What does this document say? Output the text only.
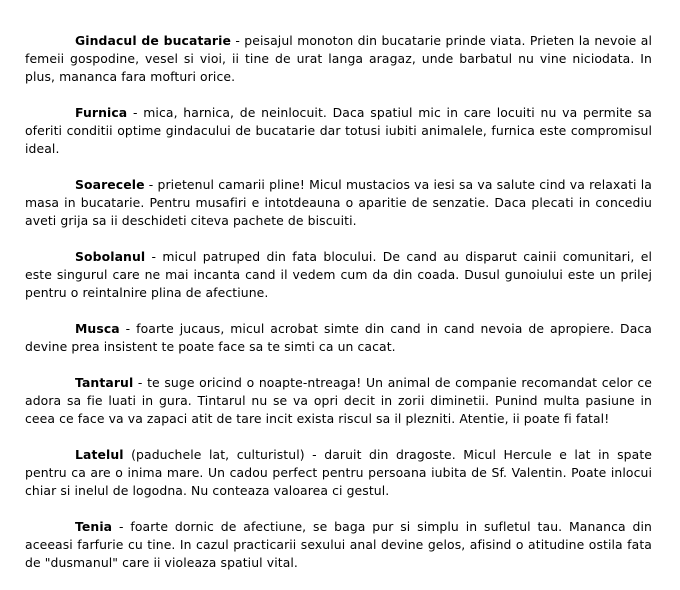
Gindacul de bucatarie - peisajul monoton din bucatarie prinde viata. Prieten la nevoie al femeii gospodine, vesel si vioi, ii tine de urat langa aragaz, unde barbatul nu vine niciodata. In plus, mananca fara mofturi orice.

Furnica - mica, harnica, de neinlocuit. Daca spatiul mic in care locuiti nu va permite sa oferiti conditii optime gindacului de bucatarie dar totusi iubiti animalele, furnica este compromisul ideal.

Soarecele - prietenul camarii pline! Micul mustacios va iesi sa va salute cind va relaxati la masa in bucatarie. Pentru musafiri e intotdeauna o aparitie de senzatie. Daca plecati in concediu aveti grija sa ii deschideti citeva pachete de biscuiti.

Sobolanul - micul patruped din fata blocului. De cand au disparut cainii comunitari, el este singurul care ne mai incanta cand il vedem cum da din coada. Dusul gunoiului este un prilej pentru o reintalnire plina de afectiune.

Musca - foarte jucaus, micul acrobat simte din cand in cand nevoia de apropiere. Daca devine prea insistent te poate face sa te simti ca un cacat.

Tantarul - te suge oricind o noapte-ntreaga! Un animal de companie recomandat celor ce adora sa fie luati in gura. Tintarul nu se va opri decit in zorii diminetii. Punind multa pasiune in ceea ce face va va zapaci atit de tare incit exista riscul sa il plezniti. Atentie, ii poate fi fatal!

Latelul (paduchele lat, culturistul) - daruit din dragoste. Micul Hercule e lat in spate pentru ca are o inima mare. Un cadou perfect pentru persoana iubita de Sf. Valentin. Poate inlocui chiar si inelul de logodna. Nu conteaza valoarea ci gestul.

Tenia - foarte dornic de afectiune, se baga pur si simplu in sufletul tau. Mananca din aceeasi farfurie cu tine. In cazul practicarii sexului anal devine gelos, afisind o atitudine ostila fata de "dusmanul" care ii violeaza spatiul vital.
